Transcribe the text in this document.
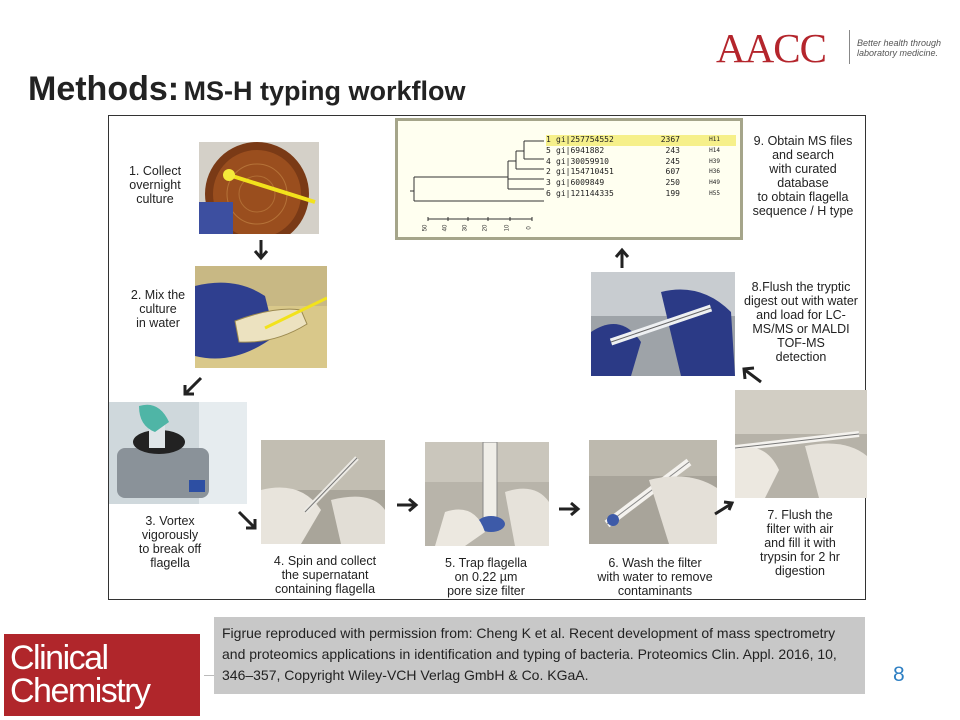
AACC	Better health through laboratory medicine.
Methods: MS-H typing workflow
1. Collect
overnight
culture
2. Mix the
culture
in water
3. Vortex
vigorously
to break off
flagella	4. Spin and collect
the supernatant
containing flagella
5. Trap flagella
on 0.22 µm
pore size filter
6. Wash the filter
with water to remove
contaminants
7. Flush the
filter with air
and fill it with
trypsin for 2 hr
digestion
8.Flush the tryptic
digest out with water
and load for LC-
MS/MS or MALDI
TOF-MS
detection
1 gi|257754552	2367	H11
5 gi|6941882	243	H14
4 gi|30059910	245	H39
2 gi|154710451	607	H36
3 gi|6009849	250	H49
6 gi|121144335	199	H55
50 40 30 20	10	0
9. Obtain MS files
and search
with curated
database
to obtain flagella
sequence / H type
Clinical
Chemistry
Figrue reproduced with permission from: Cheng K et al. Recent development of mass spectrometry and proteomics applications in identification and typing of bacteria. Proteomics Clin. Appl. 2016, 10, 346–357, Copyright Wiley-VCH Verlag GmbH & Co. KGaA.	8
